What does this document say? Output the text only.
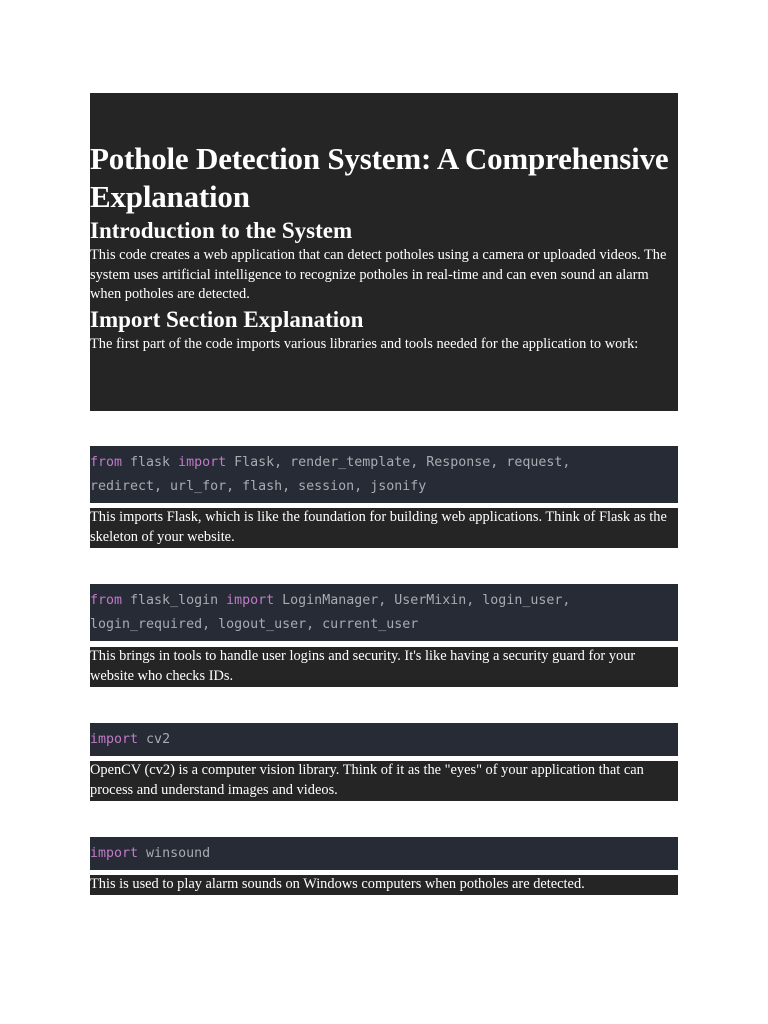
Pothole Detection System: A Comprehensive Explanation
Introduction to the System

This code creates a web application that can detect potholes using a camera or uploaded videos. The system uses artificial intelligence to recognize potholes in real-time and can even sound an alarm when potholes are detected.

Import Section Explanation

The first part of the code imports various libraries and tools needed for the application to work:

from flask import Flask, render_template, Response, request,
redirect, url_for, flash, session, jsonify
This imports Flask, which is like the foundation for building web applications. Think of Flask as the skeleton of your website.
from flask_login import LoginManager, UserMixin, login_user,
login_required, logout_user, current_user
This brings in tools to handle user logins and security. It's like having a security guard for your website who checks IDs.
import cv2
OpenCV (cv2) is a computer vision library. Think of it as the "eyes" of your application that can process and understand images and videos.
import winsound
This is used to play alarm sounds on Windows computers when potholes are detected.
